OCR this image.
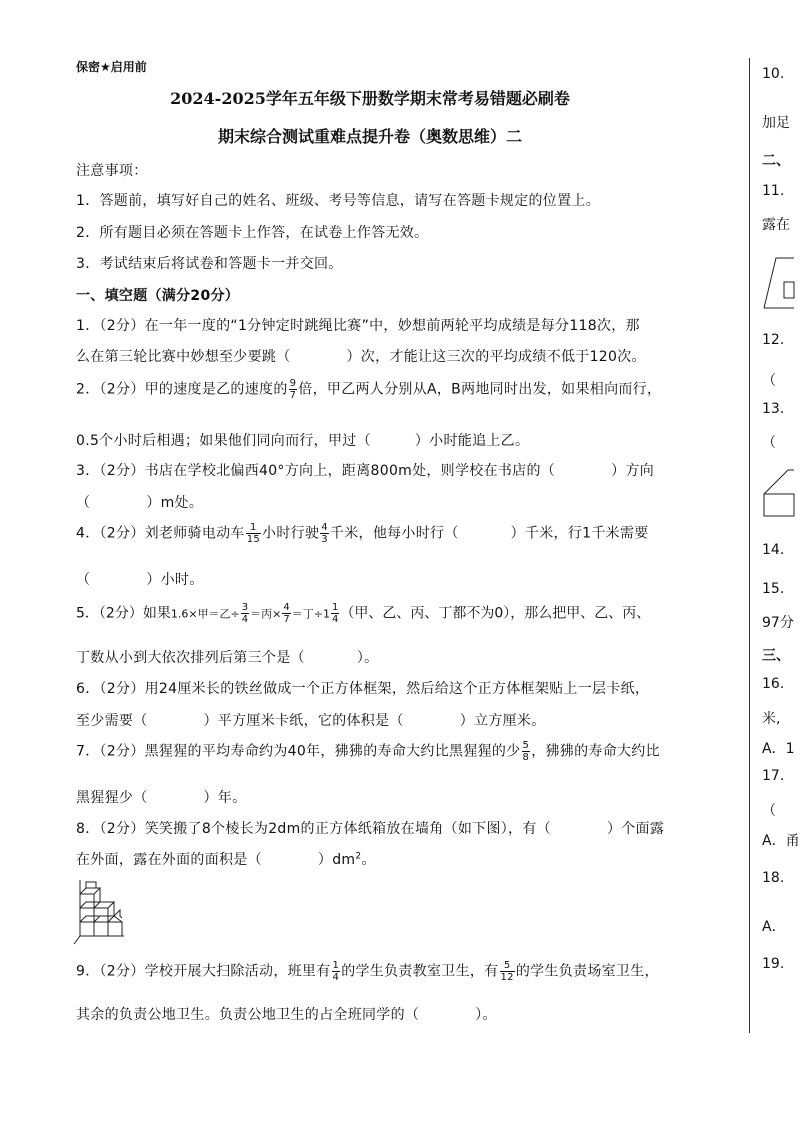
保密★启用前
2024-2025学年五年级下册数学期末常考易错题必刷卷
期末综合测试重难点提升卷（奥数思维）二
注意事项：
1．答题前，填写好自己的姓名、班级、考号等信息，请写在答题卡规定的位置上。
2．所有题目必须在答题卡上作答，在试卷上作答无效。
3．考试结束后将试卷和答题卡一并交回。
一、填空题（满分20分）
1．（2分）在一年一度的“1分钟定时跳绳比赛”中，妙想前两轮平均成绩是每分118次，那
么在第三轮比赛中妙想至少要跳（	）次，才能让这三次的平均成绩不低于120次。
2．（2分）甲的速度是乙的速度的 $\frac{9}{7}$ 倍，甲乙两人分别从A，B两地同时出发，如果相向而行，
0.5个小时后相遇；如果他们同向而行，甲过（	）小时能追上乙。
3．（2分）书店在学校北偏西40°方向上，距离800m处，则学校在书店的（	）方向
（	）m处。
4．（2分）刘老师骑电动车 $\frac{1}{15}$ 小时行驶 $\frac{4}{3}$ 千米，他每小时行（	）千米，行1千米需要
（	）小时。
5．（2分）如果1.6×甲＝乙÷ $\frac{3}{4}$ ＝丙× $\frac{4}{7}$ ＝丁$\div 1 \frac{1}{4}$ （甲、乙、丙、丁都不为0），那么把甲、乙、丙、
丁数从小到大依次排列后第三个是（	）。
6．（2分）用24厘米长的铁丝做成一个正方体框架，然后给这个正方体框架贴上一层卡纸，
至少需要（	）平方厘米卡纸，它的体积是（	）立方厘米。
7．（2分）黑猩猩的平均寿命约为40年，狒狒的寿命大约比黑猩猩的少 $\frac{5}{8}$ ，狒狒的寿命大约比
黑猩猩少（	）年。
8．（2分）笑笑搬了8个棱长为2dm的正方体纸箱放在墙角（如下图），有（	）个面露
在外面，露在外面的面积是（	）$dm^2$。
9．（2分）学校开展大扫除活动，班里有 $\frac{1}{4}$ 的学生负责教室卫生，有 $\frac{5}{12}$ 的学生负责场室卫生，
其余的负责公地卫生。负责公地卫生的占全班同学的（	）。
10.
加足
二、
11.
露在
12.
（
13.
（
14.
15.
97分
三、
16.
米,
A．1
17.
（
A．甬
18.
A．
19.
